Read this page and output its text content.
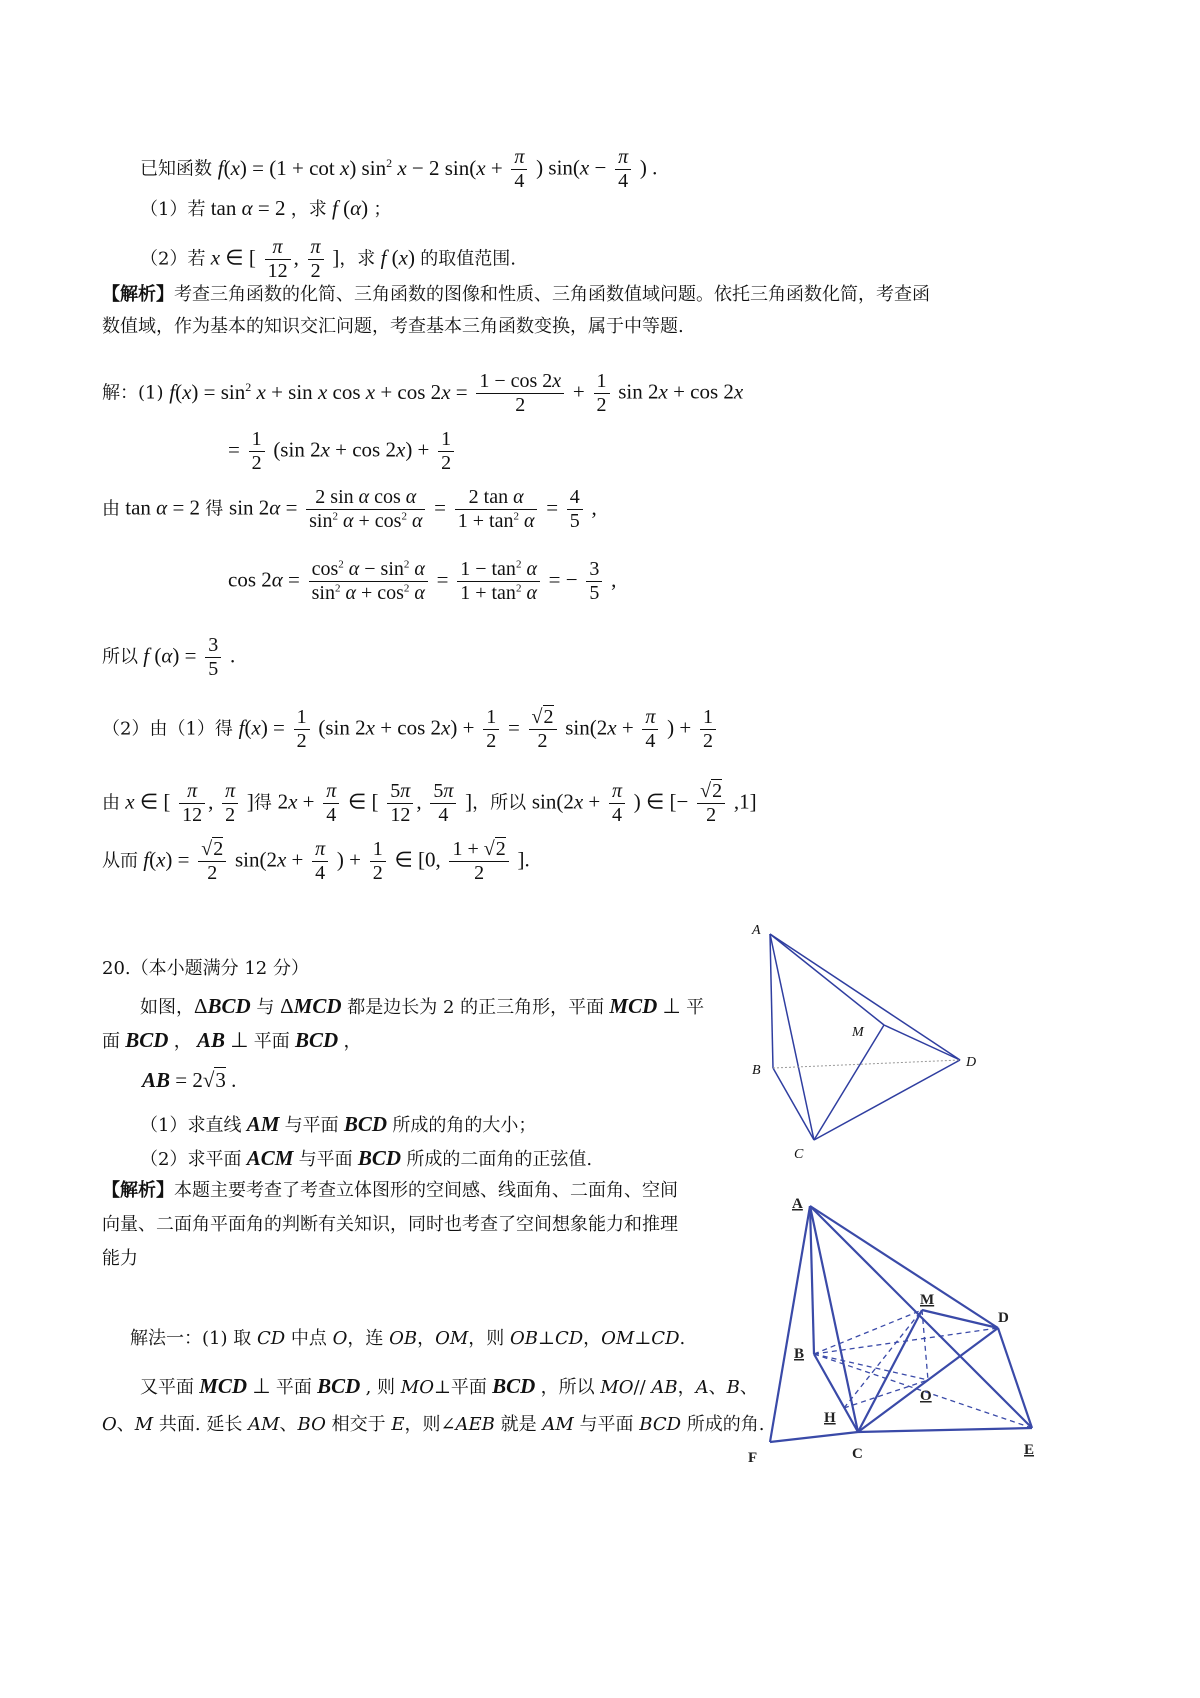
已知函数 f(x) = (1 + cot x) $\sin^2 x - 2$ $\sin(x + \frac{\pi}{4}$ ) $\sin(x - \frac{\pi}{4}$ ) .
（1）若 tan α = 2 ，求 f (α) ；
（2）若 x ∈ [ $\frac{\pi}{12}$ , $\frac{\pi}{2}$ ]，求 f (x) 的取值范围.
【解析】考查三角函数的化简、三角函数的图像和性质、三角函数值域问题。依托三角函数化简，考查函
数值域，作为基本的知识交汇问题，考查基本三角函数变换，属于中等题.
解：(1) $f(x) = \sin^2 x + \sin x$ $\cos x + \cos 2x = \frac{1 - \cos 2x}{2} + \frac{1}{2}$ sin 2x + cos 2x
= $\frac{1}{2} (\sin$ $2x + \cos 2x) + \frac{1}{2}$
由 tan α = 2 得 $\sin 2\alpha = \frac{\text{2 sin α cos α}}{\sin^2 \alpha + \cos^2 \alpha} = \frac{\text{2 tan α}}{1 + \tan^2 \alpha} = \frac{4}{5}$ ,
$\cos 2\alpha = \frac{\cos^2 \alpha - \sin^2 \alpha}{\sin^2 \alpha + \cos^2 \alpha} = \frac{1 - \tan^2 \alpha}{1 + \tan^2 \alpha}$ = − $\frac{3}{5}$ ,
所以 f $(\alpha) = \frac{3}{5}$ .
（2）由（1）得 $f(x) = \frac{1}{2} (\sin$ $2x + \cos 2x) + \frac{1}{2} = \frac{√2}{2} \sin(2x + \frac{\pi}{4}$ ) + $\frac{1}{2}$
由 x ∈ [ $\frac{\pi}{12}$ , $\frac{\pi}{2}$ ]得 $2x + \frac{\pi}{4}$ ∈ [ $\frac{5\pi}{12}$ , $\frac{5\pi}{4}$ ]，所以 $\sin(2x + \frac{\pi}{4}$ ) ∈ [− $\frac{√2}{2} ,1$]
从而 $f(x) = \frac{√2}{2} \sin(2x + \frac{\pi}{4}$ ) + $\frac{1}{2}$ ∈ [0, $\frac{1 + √2}{2}$ ].
20.（本小题满分 12 分）
如图，ΔBCD 与 ΔMCD 都是边长为 2 的正三角形，平面 MCD ⊥ 平
面 BCD ， AB ⊥ 平面 BCD ，
AB = 2√3 .
（1）求直线 AM 与平面 BCD 所成的角的大小；
（2）求平面 ACM 与平面 BCD 所成的二面角的正弦值.
【解析】本题主要考查了考查立体图形的空间感、线面角、二面角、空间
向量、二面角平面角的判断有关知识，同时也考查了空间想象能力和推理
能力
解法一：(1) 取 CD 中点 O，连 OB，OM，则 OB⊥CD，OM⊥CD.
又平面 MCD ⊥ 平面 BCD , 则 MO⊥平面 BCD ，所以 MO// AB，A、B、
O、M 共面. 延长 AM、BO 相交于 E，则∠AEB 就是 AM 与平面 BCD 所成的角.
A
B
C
D
M
A
B
C
D
M
O
H
E
F
